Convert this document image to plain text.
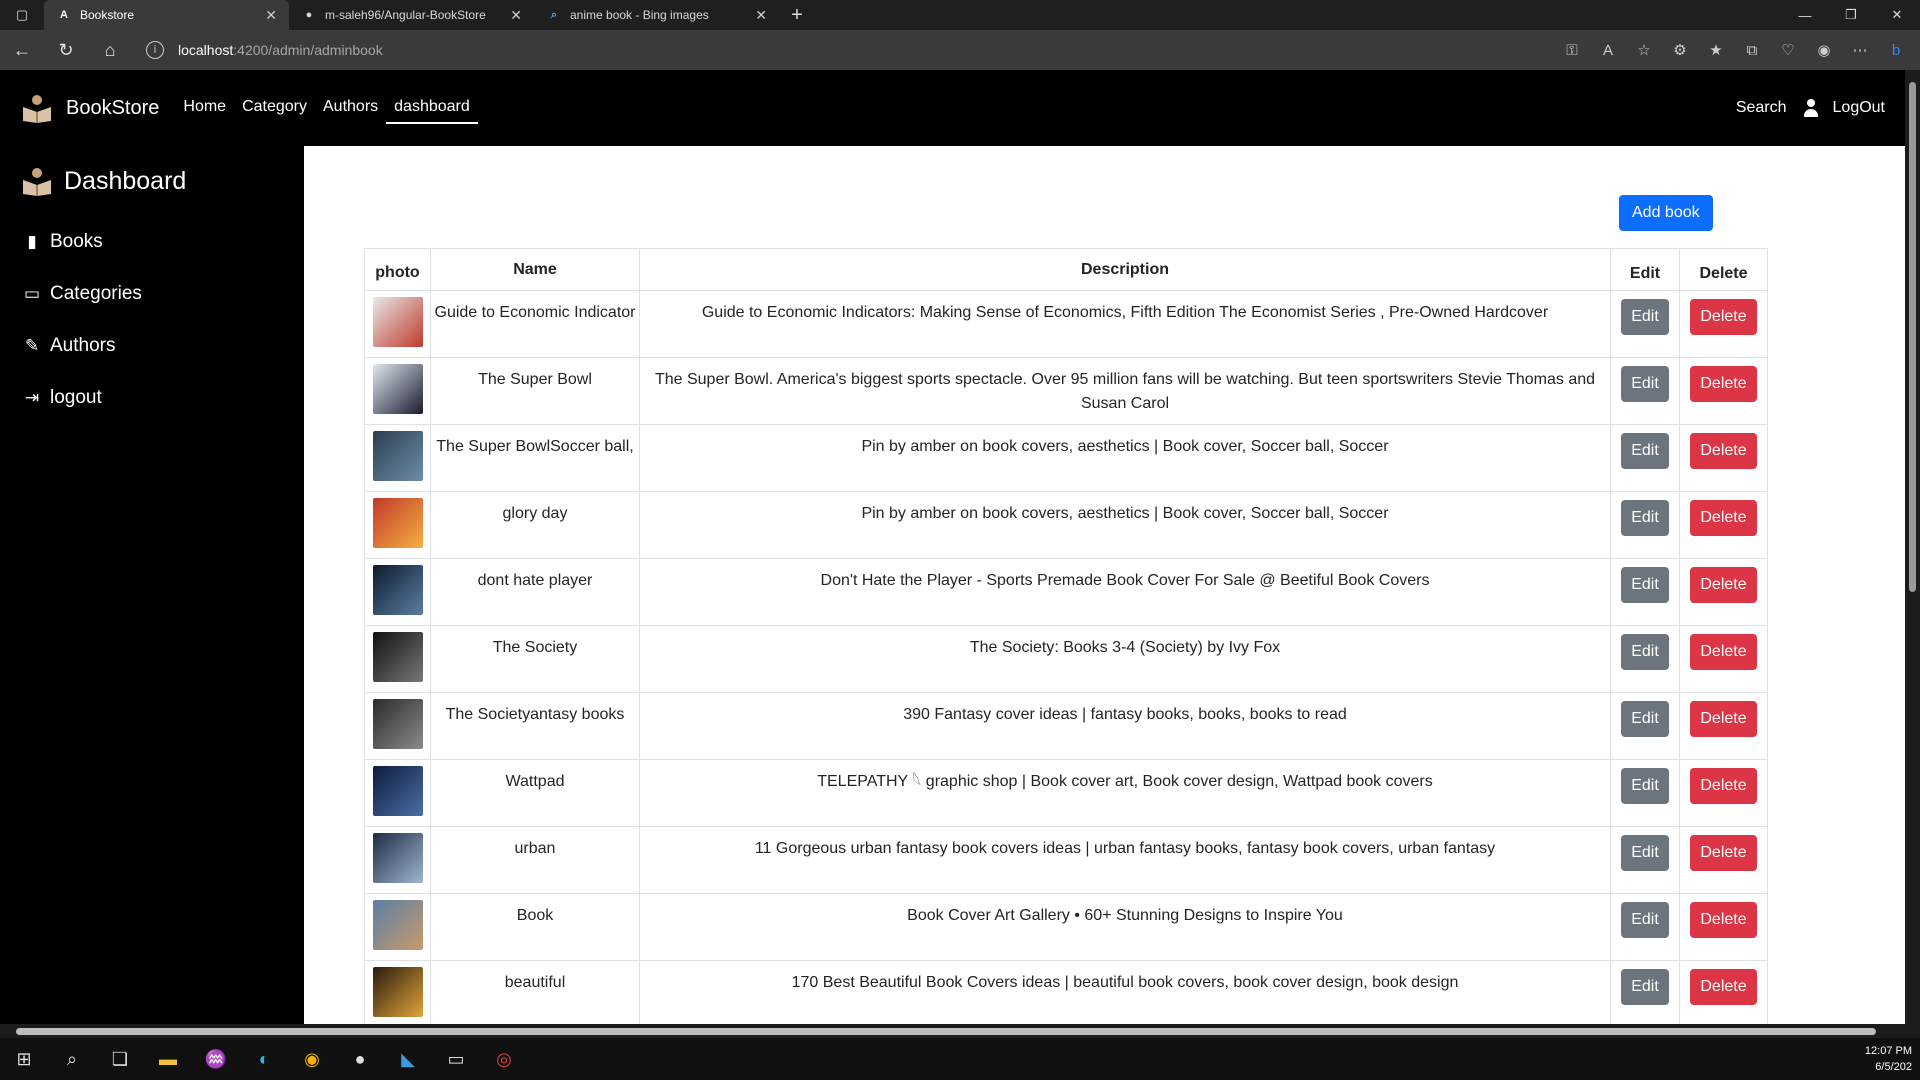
▢	A	Bookstore	✕	●	m-saleh96/Angular-BookStore	✕	⌕	anime book - Bing images	✕	+	—	❐	✕
←	↻	⌂	i	localhost :4200/admin/adminbook	⚿	A	☆	⚙	★	⧉	♡	◉	⋯	b
BookStore Home Category Authors	dashboard	Search	LogOut
Dashboard
▮ Books
▭ Categories
✎ Authors
⇥ logout
Add book
photo	Name	Description	Edit	Delete

	Guide to Economic Indicator	Guide to Economic Indicators: Making Sense of Economics, Fifth Edition The Economist Series , Pre-Owned Hardcover	Edit	Delete

	The Super Bowl	The Super Bowl. America's biggest sports spectacle. Over 95 million fans will be watching. But teen sportswriters Stevie Thomas and Susan Carol	Edit	Delete

	The Super BowlSoccer ball,	Pin by amber on book covers, aesthetics | Book cover, Soccer ball, Soccer	Edit	Delete

	glory day	Pin by amber on book covers, aesthetics | Book cover, Soccer ball, Soccer	Edit	Delete

	dont hate player	Don't Hate the Player - Sports Premade Book Cover For Sale @ Beetiful Book Covers	Edit	Delete

	The Society	The Society: Books 3-4 (Society) by Ivy Fox	Edit	Delete

	The Societyantasy books	390 Fantasy cover ideas | fantasy books, books, books to read	Edit	Delete

	Wattpad	TELEPATHY 𓆩 graphic shop | Book cover art, Book cover design, Wattpad book covers	Edit	Delete

	urban	11 Gorgeous urban fantasy book covers ideas | urban fantasy books, fantasy book covers, urban fantasy	Edit	Delete

	Book	Book Cover Art Gallery • 60+ Stunning Designs to Inspire You	Edit	Delete

	beautiful	170 Best Beautiful Book Covers ideas | beautiful book covers, book cover design, book design	Edit	Delete
⊞	⌕	❏	▬	♒	◐	◉	●	◣	▭	◎	12:07 PM
6/5/202
